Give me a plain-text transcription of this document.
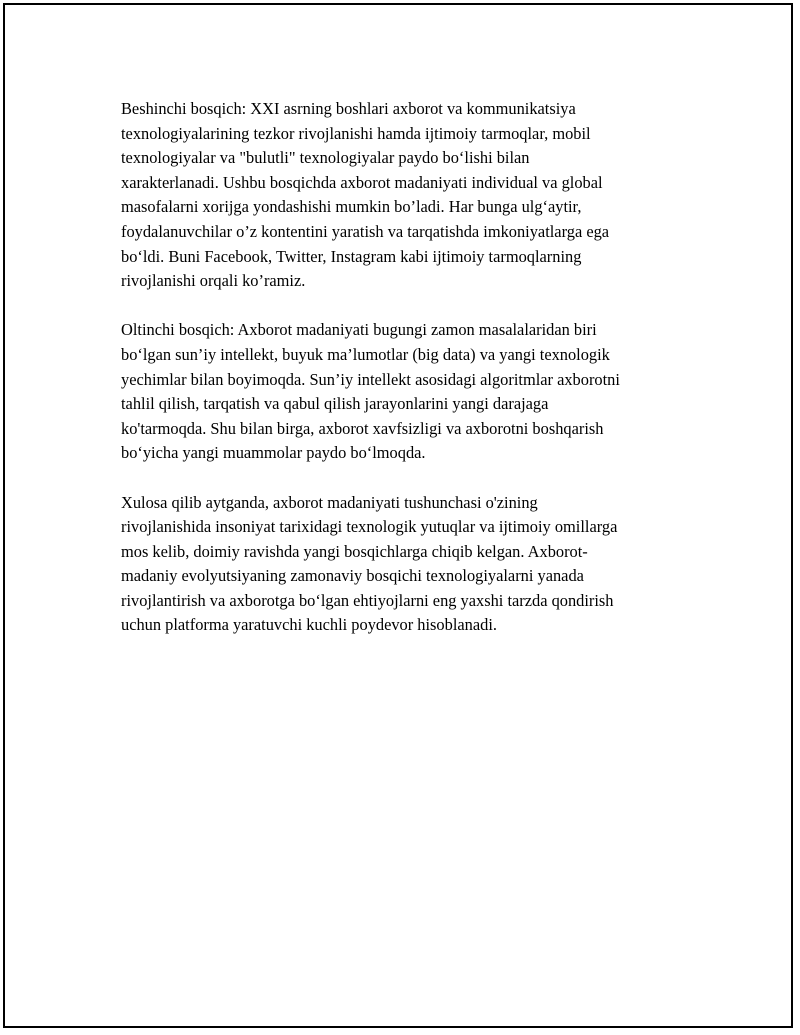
Beshinchi bosqich: XXI asrning boshlari axborot va kommunikatsiya
texnologiyalarining tezkor rivojlanishi hamda ijtimoiy tarmoqlar, mobil
texnologiyalar va "bulutli" texnologiyalar paydo bo‘lishi bilan
xarakterlanadi. Ushbu bosqichda axborot madaniyati individual va global
masofalarni xorijga yondashishi mumkin bo’ladi. Har bunga ulg‘aytir,
foydalanuvchilar o’z kontentini yaratish va tarqatishda imkoniyatlarga ega
bo‘ldi. Buni Facebook, Twitter, Instagram kabi ijtimoiy tarmoqlarning
rivojlanishi orqali ko’ramiz.

Oltinchi bosqich: Axborot madaniyati bugungi zamon masalalaridan biri
bo‘lgan sun’iy intellekt, buyuk ma’lumotlar (big data) va yangi texnologik
yechimlar bilan boyimoqda. Sun’iy intellekt asosidagi algoritmlar axborotni
tahlil qilish, tarqatish va qabul qilish jarayonlarini yangi darajaga
ko'tarmoqda. Shu bilan birga, axborot xavfsizligi va axborotni boshqarish
bo‘yicha yangi muammolar paydo bo‘lmoqda.

Xulosa qilib aytganda, axborot madaniyati tushunchasi o'zining
rivojlanishida insoniyat tarixidagi texnologik yutuqlar va ijtimoiy omillarga
mos kelib, doimiy ravishda yangi bosqichlarga chiqib kelgan. Axborot-
madaniy evolyutsiyaning zamonaviy bosqichi texnologiyalarni yanada
rivojlantirish va axborotga bo‘lgan ehtiyojlarni eng yaxshi tarzda qondirish
uchun platforma yaratuvchi kuchli poydevor hisoblanadi.
